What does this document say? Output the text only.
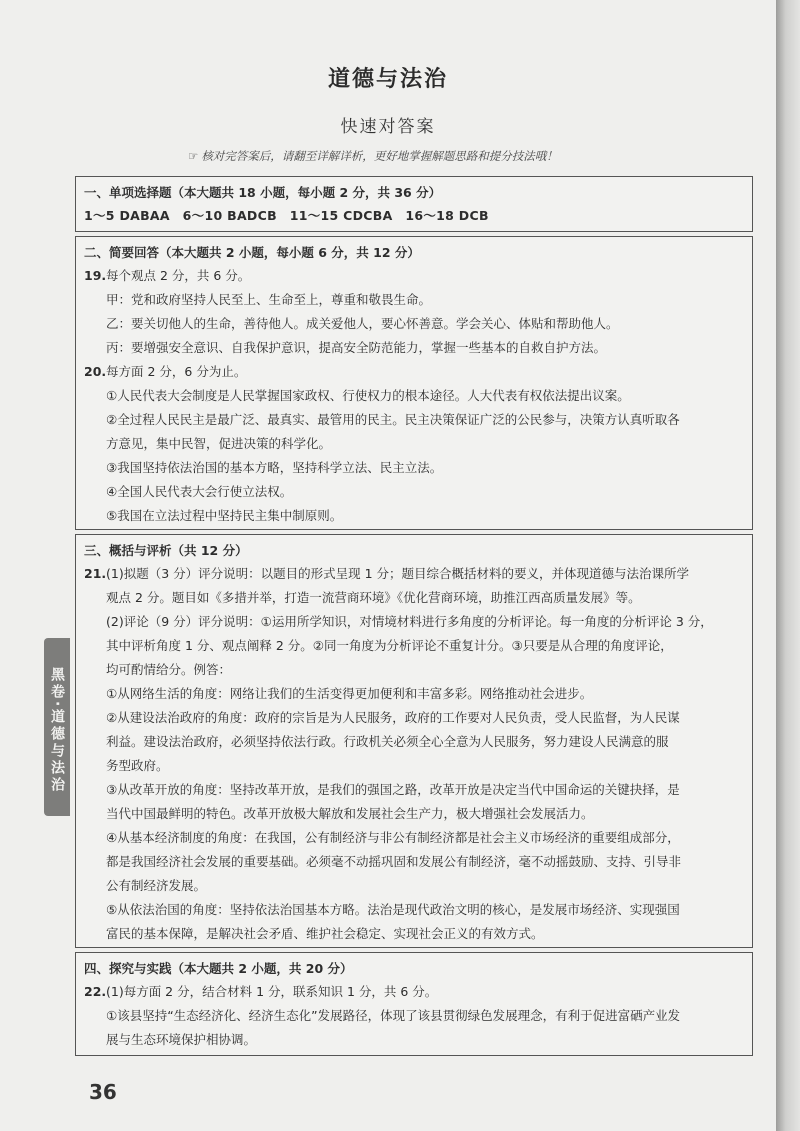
道德与法治
快速对答案
☞ 核对完答案后，请翻至详解详析，更好地掌握解题思路和提分技法哦！
一、单项选择题（本大题共 18 小题，每小题 2 分，共 36 分）
1～5 DABAA　6～10 BADCB　11～15 CDCBA　16～18 DCB
二、简要回答（本大题共 2 小题，每小题 6 分，共 12 分）
19. 每个观点 2 分，共 6 分。
甲：党和政府坚持人民至上、生命至上，尊重和敬畏生命。
乙：要关切他人的生命，善待他人。成关爱他人，要心怀善意。学会关心、体贴和帮助他人。
丙：要增强安全意识、自我保护意识，提高安全防范能力，掌握一些基本的自救自护方法。
20. 每方面 2 分，6 分为止。
①人民代表大会制度是人民掌握国家政权、行使权力的根本途径。人大代表有权依法提出议案。
②全过程人民民主是最广泛、最真实、最管用的民主。民主决策保证广泛的公民参与，决策方认真听取各
方意见，集中民智，促进决策的科学化。
③我国坚持依法治国的基本方略，坚持科学立法、民主立法。
④全国人民代表大会行使立法权。
⑤我国在立法过程中坚持民主集中制原则。
三、概括与评析（共 12 分）
21. (1)拟题（3 分）评分说明：以题目的形式呈现 1 分；题目综合概括材料的要义，并体现道德与法治课所学
观点 2 分。题目如《多措并举，打造一流营商环境》《优化营商环境，助推江西高质量发展》等。
(2)评论（9 分）评分说明：①运用所学知识，对情境材料进行多角度的分析评论。每一角度的分析评论 3 分，
其中评析角度 1 分、观点阐释 2 分。②同一角度为分析评论不重复计分。③只要是从合理的角度评论，
均可酌情给分。例答：
①从网络生活的角度：网络让我们的生活变得更加便利和丰富多彩。网络推动社会进步。
②从建设法治政府的角度：政府的宗旨是为人民服务，政府的工作要对人民负责，受人民监督，为人民谋
利益。建设法治政府，必须坚持依法行政。行政机关必须全心全意为人民服务，努力建设人民满意的服
务型政府。
③从改革开放的角度：坚持改革开放，是我们的强国之路，改革开放是决定当代中国命运的关键抉择，是
当代中国最鲜明的特色。改革开放极大解放和发展社会生产力，极大增强社会发展活力。
④从基本经济制度的角度：在我国，公有制经济与非公有制经济都是社会主义市场经济的重要组成部分，
都是我国经济社会发展的重要基础。必须毫不动摇巩固和发展公有制经济，毫不动摇鼓励、支持、引导非
公有制经济发展。
⑤从依法治国的角度：坚持依法治国基本方略。法治是现代政治文明的核心，是发展市场经济、实现强国
富民的基本保障，是解决社会矛盾、维护社会稳定、实现社会正义的有效方式。
四、探究与实践（本大题共 2 小题，共 20 分）
22. (1)每方面 2 分，结合材料 1 分，联系知识 1 分，共 6 分。
①该县坚持“生态经济化、经济生态化”发展路径，体现了该县贯彻绿色发展理念，有利于促进富硒产业发
展与生态环境保护相协调。
黑卷·道德与法治
36
